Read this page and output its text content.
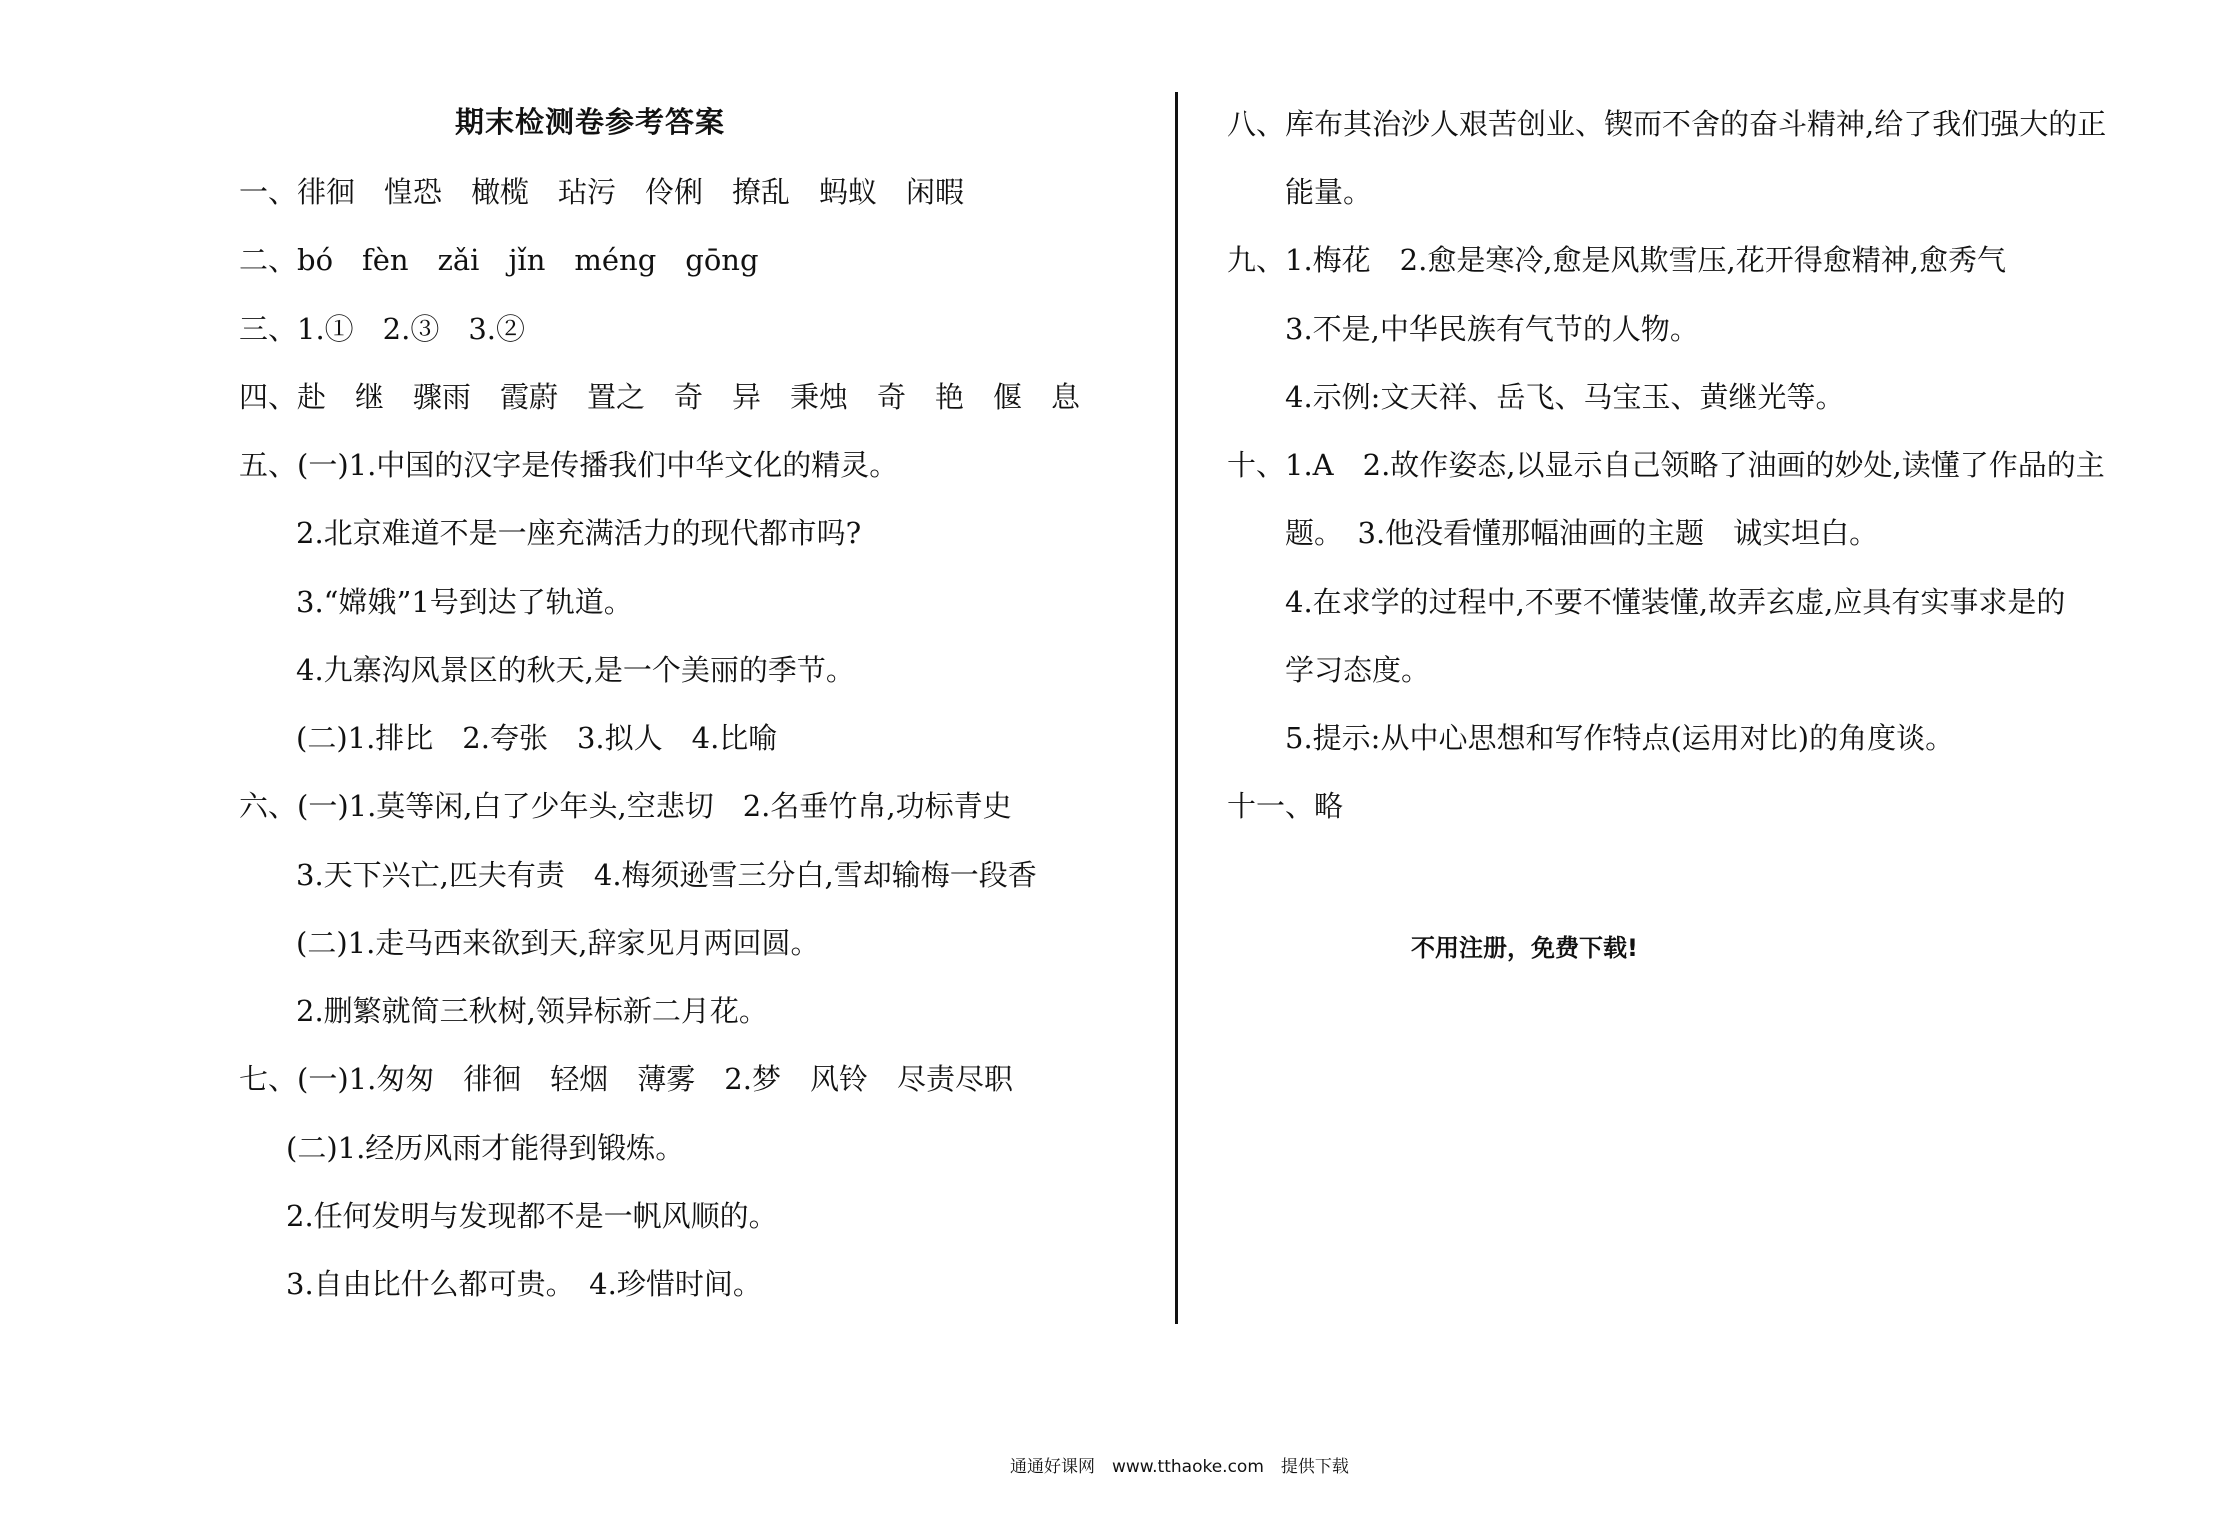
期末检测卷参考答案
一、徘徊　惶恐　橄榄　玷污　伶俐　撩乱　蚂蚁　闲暇
二、bó　fèn　zǎi　jǐn　méng　gōng
三、1.①　2.③　3.②
四、赴　继　骤雨　霞蔚　置之　奇　异　秉烛　奇　艳　偃　息
五、(一)1.中国的汉字是传播我们中华文化的精灵。
2.北京难道不是一座充满活力的现代都市吗?
3.“嫦娥”1号到达了轨道。
4.九寨沟风景区的秋天,是一个美丽的季节。
(二)1.排比　2.夸张　3.拟人　4.比喻
六、(一)1.莫等闲,白了少年头,空悲切　2.名垂竹帛,功标青史
3.天下兴亡,匹夫有责　4.梅须逊雪三分白,雪却输梅一段香
(二)1.走马西来欲到天,辞家见月两回圆。
2.删繁就简三秋树,领异标新二月花。
七、(一)1.匆匆　徘徊　轻烟　薄雾　2.梦　风铃　尽责尽职
(二)1.经历风雨才能得到锻炼。
2.任何发明与发现都不是一帆风顺的。
3.自由比什么都可贵。　4.珍惜时间。
八、库布其治沙人艰苦创业、锲而不舍的奋斗精神,给了我们强大的正
能量。
九、1.梅花　2.愈是寒冷,愈是风欺雪压,花开得愈精神,愈秀气
3.不是,中华民族有气节的人物。
4.示例:文天祥、岳飞、马宝玉、黄继光等。
十、1.A　2.故作姿态,以显示自己领略了油画的妙处,读懂了作品的主
题。　3.他没看懂那幅油画的主题　诚实坦白。
4.在求学的过程中,不要不懂装懂,故弄玄虚,应具有实事求是的
学习态度。
5.提示:从中心思想和写作特点(运用对比)的角度谈。
十一、略
不用注册，免费下载!
通通好课网　www.tthaoke.com　提供下载
